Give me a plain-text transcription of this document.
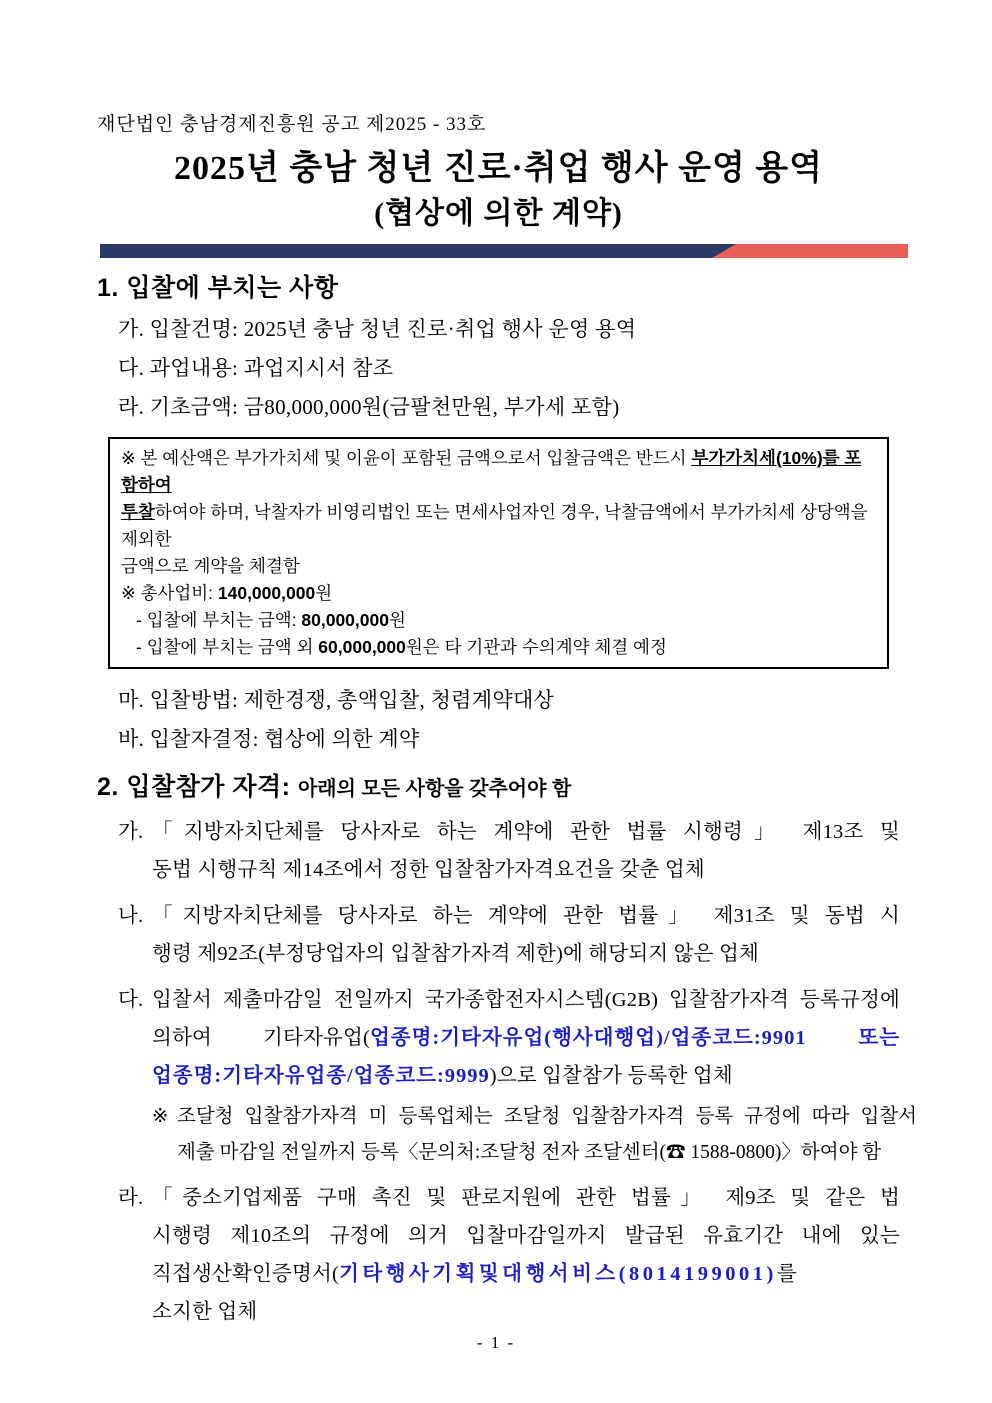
재단법인 충남경제진흥원 공고 제2025 - 33호
2025년 충남 청년 진로·취업 행사 운영 용역
(협상에 의한 계약)
1. 입찰에 부치는 사항
가. 입찰건명: 2025년 충남 청년 진로·취업 행사 운영 용역
다. 과업내용: 과업지시서 참조
라. 기초금액: 금80,000,000원(금팔천만원, 부가세 포함)
※ 본 예산액은 부가가치세 및 이윤이 포함된 금액으로서 입찰금액은 반드시 부가가치세(10%)를 포함하여
투찰하여야 하며, 낙찰자가 비영리법인 또는 면세사업자인 경우, 낙찰금액에서 부가가치세 상당액을 제외한
금액으로 계약을 체결함
※ 총사업비: 140,000,000원
- 입찰에 부치는 금액: 80,000,000원
- 입찰에 부치는 금액 외 60,000,000원은 타 기관과 수의계약 체결 예정
마. 입찰방법: 제한경쟁, 총액입찰, 청렴계약대상
바. 입찰자결정: 협상에 의한 계약
2. 입찰참가 자격: 아래의 모든 사항을 갖추어야 함
가. 「지방자치단체를 당사자로 하는 계약에 관한 법률 시행령」 제13조 및
동법 시행규칙 제14조에서 정한 입찰참가자격요건을 갖춘 업체
나. 「지방자치단체를 당사자로 하는 계약에 관한 법률」 제31조 및 동법 시
행령 제92조(부정당업자의 입찰참가자격 제한)에 해당되지 않은 업체
다. 입찰서 제출마감일 전일까지 국가종합전자시스템(G2B) 입찰참가자격 등록규정에
의하여 기타자유업(업종명:기타자유업(행사대행업)/업종코드:9901 또는
업종명:기타자유업종/업종코드:9999)으로 입찰참가 등록한 업체
※ 조달청 입찰참가자격 미 등록업체는 조달청 입찰참가자격 등록 규정에 따라 입찰서
제출 마감일 전일까지 등록〈문의처:조달청 전자 조달센터(☎ 1588-0800)〉하여야 함
라. 「중소기업제품 구매 촉진 및 판로지원에 관한 법률」 제9조 및 같은 법
시행령 제10조의 규정에 의거 입찰마감일까지 발급된 유효기간 내에 있는
직접생산확인증명서(기타행사기획및대행서비스(8014199001)를
소지한 업체
- 1 -
